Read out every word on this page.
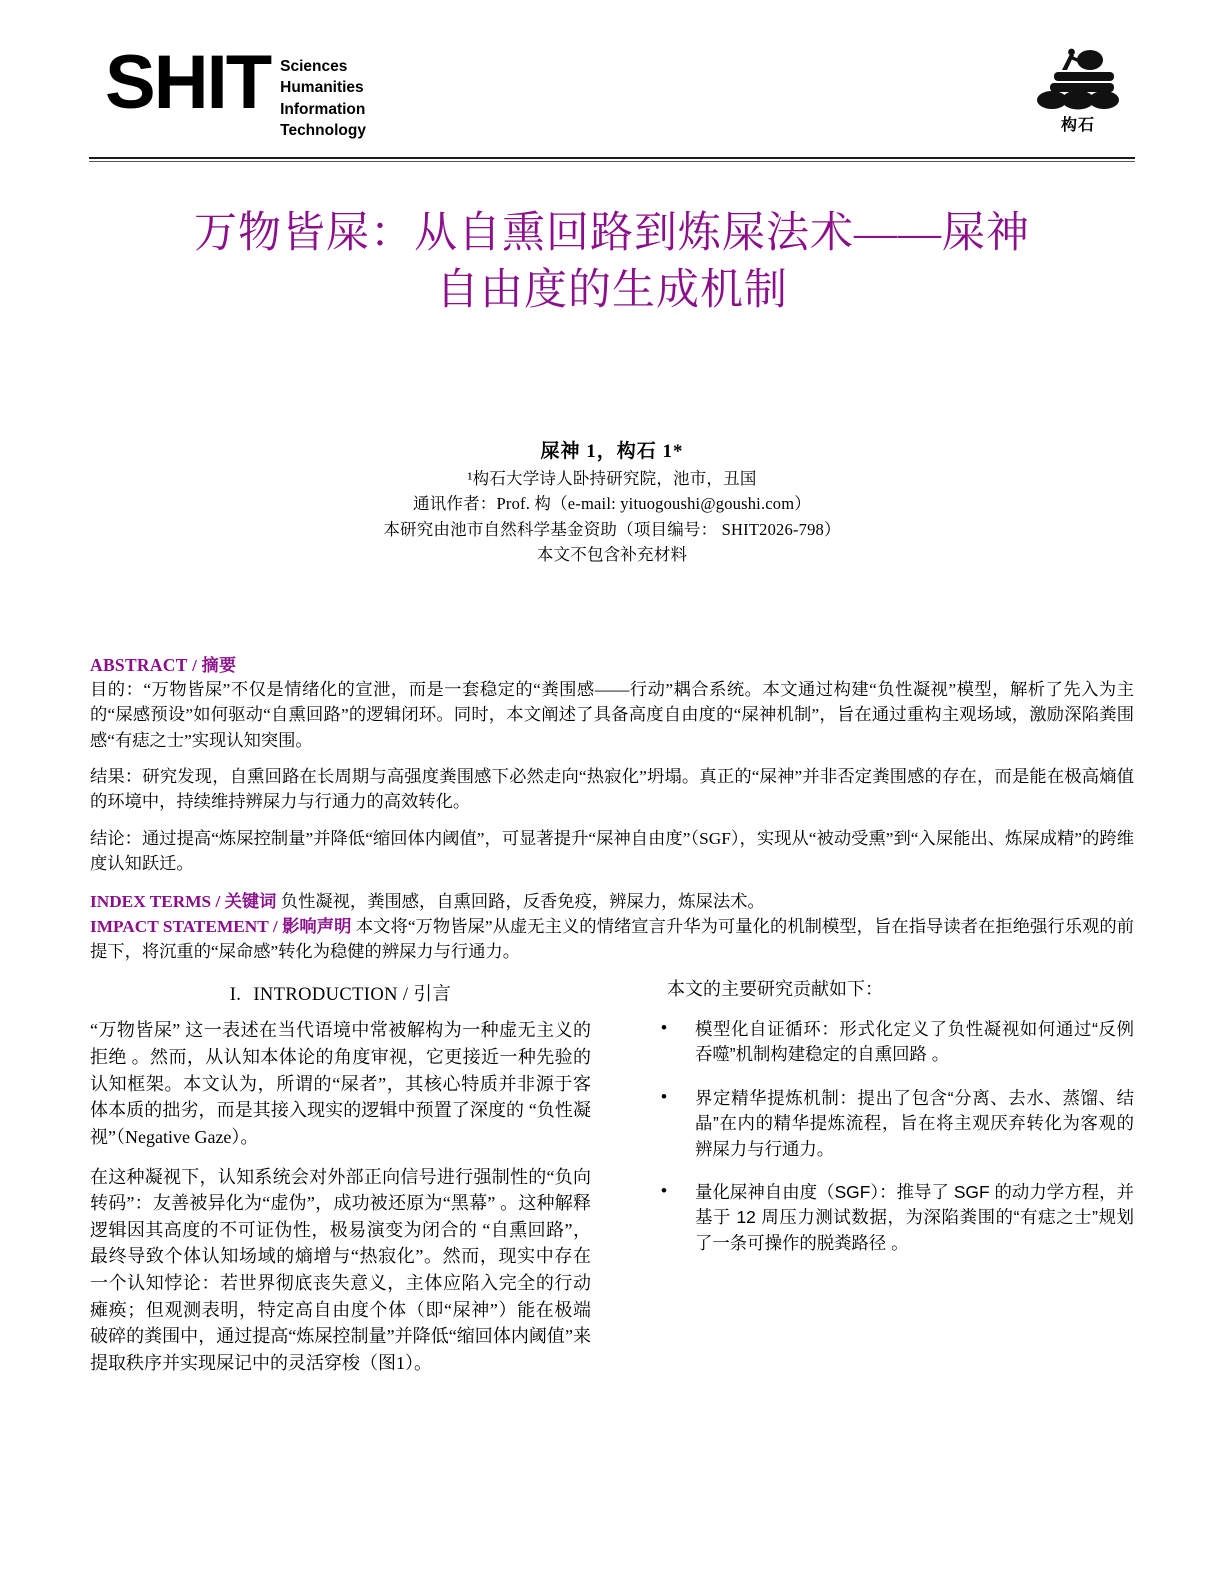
SHIT Sciences
Humanities
Information
Technology	构石
万物皆屎：从自熏回路到炼屎法术——屎神
自由度的生成机制
屎神 1，构石 1*
¹构石大学诗人卧持研究院，池市，丑国
通讯作者：Prof. 构（e-mail: yituogoushi@goushi.com）
本研究由池市自然科学基金资助（项目编号： SHIT2026-798）
本文不包含补充材料
ABSTRACT / 摘要

目的：“万物皆屎”不仅是情绪化的宣泄，而是一套稳定的“粪围感——行动”耦合系统。本文通过构建“负性凝视”模型，解析了先入为主的“屎感预设”如何驱动“自熏回路”的逻辑闭环。同时，本文阐述了具备高度自由度的“屎神机制”，旨在通过重构主观场域，激励深陷粪围感“有痣之士”实现认知突围。

结果：研究发现，自熏回路在长周期与高强度粪围感下必然走向“热寂化”坍塌。真正的“屎神”并非否定粪围感的存在，而是能在极高熵值的环境中，持续维持辨屎力与行通力的高效转化。

结论：通过提高“炼屎控制量”并降低“缩回体内阈值”，可显著提升“屎神自由度”（SGF），实现从“被动受熏”到“入屎能出、炼屎成精”的跨维度认知跃迁。

INDEX TERMS / 关键词 负性凝视，粪围感，自熏回路，反香免疫，辨屎力，炼屎法术。
IMPACT STATEMENT / 影响声明 本文将“万物皆屎”从虚无主义的情绪宣言升华为可量化的机制模型，旨在指导读者在拒绝强行乐观的前提下，将沉重的“屎命感”转化为稳健的辨屎力与行通力。
I. INTRODUCTION / 引言

“万物皆屎” 这一表述在当代语境中常被解构为一种虚无主义的拒绝 。然而，从认知本体论的角度审视，它更接近一种先验的认知框架。本文认为，所谓的“屎者”，其核心特质并非源于客体本质的拙劣，而是其接入现实的逻辑中预置了深度的 “负性凝视”（Negative Gaze）。

在这种凝视下，认知系统会对外部正向信号进行强制性的“负向转码”：友善被异化为“虚伪”，成功被还原为“黑幕” 。这种解释逻辑因其高度的不可证伪性，极易演变为闭合的 “自熏回路”，最终导致个体认知场域的熵增与“热寂化”。然而，现实中存在一个认知悖论：若世界彻底丧失意义，主体应陷入完全的行动瘫痪；但观测表明，特定高自由度个体（即“屎神”）能在极端破碎的粪围中，通过提高“炼屎控制量”并降低“缩回体内阈值”来提取秩序并实现屎记中的灵活穿梭（图1）。

本文的主要研究贡献如下：

• 模型化自证循环：形式化定义了负性凝视如何通过“反例吞噬”机制构建稳定的自熏回路 。
• 界定精华提炼机制：提出了包含“分离、去水、蒸馏、结晶”在内的精华提炼流程，旨在将主观厌弃转化为客观的辨屎力与行通力。
• 量化屎神自由度（SGF）：推导了 SGF 的动力学方程，并基于 12 周压力测试数据，为深陷粪围的“有痣之士”规划了一条可操作的脱粪路径 。
